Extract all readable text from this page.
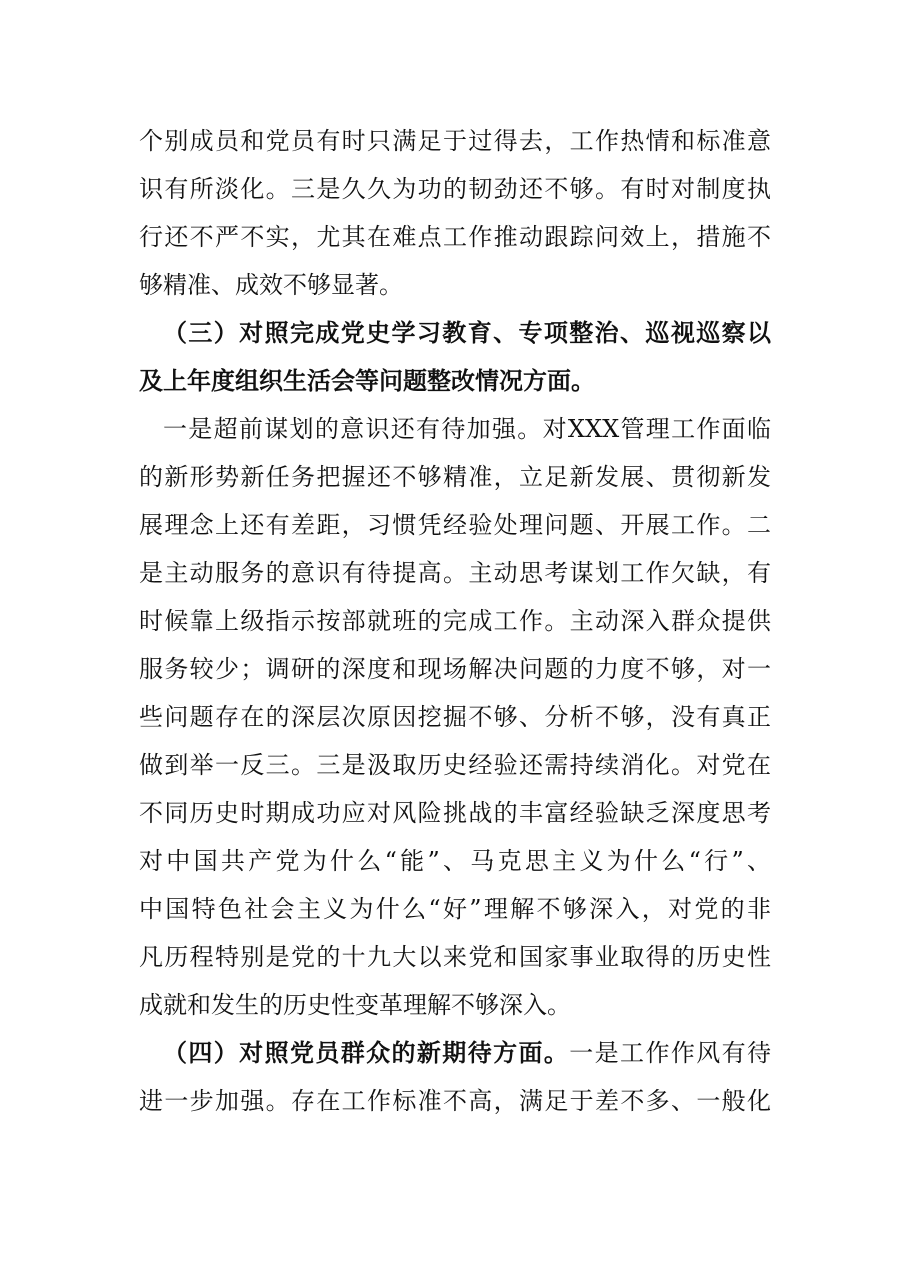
个别成员和党员有时只满足于过得去，工作热情和标准意
识有所淡化。三是久久为功的韧劲还不够。有时对制度执
行还不严不实，尤其在难点工作推动跟踪问效上，措施不
够精准、成效不够显著。
（三）对照完成党史学习教育、专项整治、巡视巡察以
及上年度组织生活会等问题整改情况方面。
一是超前谋划的意识还有待加强。对XXX管理工作面临
的新形势新任务把握还不够精准，立足新发展、贯彻新发
展理念上还有差距，习惯凭经验处理问题、开展工作。二
是主动服务的意识有待提高。主动思考谋划工作欠缺，有
时候靠上级指示按部就班的完成工作。主动深入群众提供
服务较少；调研的深度和现场解决问题的力度不够，对一
些问题存在的深层次原因挖掘不够、分析不够，没有真正
做到举一反三。三是汲取历史经验还需持续消化。对党在
不同历史时期成功应对风险挑战的丰富经验缺乏深度思考
对中国共产党为什么“能”、马克思主义为什么“行”、
中国特色社会主义为什么“好”理解不够深入，对党的非
凡历程特别是党的十九大以来党和国家事业取得的历史性
成就和发生的历史性变革理解不够深入。
（四）对照党员群众的新期待方面。一是工作作风有待
进一步加强。存在工作标准不高，满足于差不多、一般化
